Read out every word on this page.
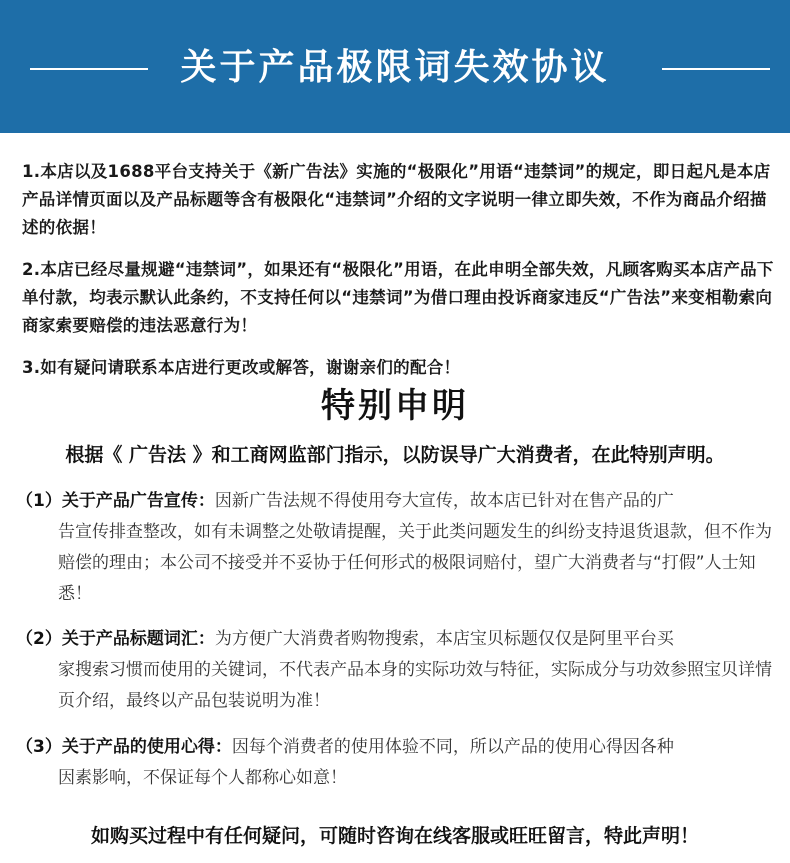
关于产品极限词失效协议

1.本店以及1688平台支持关于《新广告法》实施的“极限化”用语“违禁词”的规定，即日起凡是本店产品详情页面以及产品标题等含有极限化“违禁词”介绍的文字说明一律立即失效，不作为商品介绍描述的依据！

2.本店已经尽量规避“违禁词”，如果还有“极限化”用语，在此申明全部失效，凡顾客购买本店产品下单付款，均表示默认此条约，不支持任何以“违禁词”为借口理由投诉商家违反“广告法”来变相勒索向商家索要赔偿的违法恶意行为！

3.如有疑问请联系本店进行更改或解答，谢谢亲们的配合！

特别申明
根据《 广告法 》和工商网监部门指示，以防误导广大消费者，在此特别声明。
（1）关于产品广告宣传：因新广告法规不得使用夸大宣传，故本店已针对在售产品的广
告宣传排查整改，如有未调整之处敬请提醒，关于此类问题发生的纠纷支持退货退款，但不作为赔偿的理由；本公司不接受并不妥协于任何形式的极限词赔付，望广大消费者与“打假”人士知悉！
（2）关于产品标题词汇：为方便广大消费者购物搜索，本店宝贝标题仅仅是阿里平台买
家搜索习惯而使用的关键词，不代表产品本身的实际功效与特征，实际成分与功效参照宝贝详情页介绍，最终以产品包装说明为准！
（3）关于产品的使用心得：因每个消费者的使用体验不同，所以产品的使用心得因各种
因素影响，不保证每个人都称心如意！
如购买过程中有任何疑问，可随时咨询在线客服或旺旺留言，特此声明！
